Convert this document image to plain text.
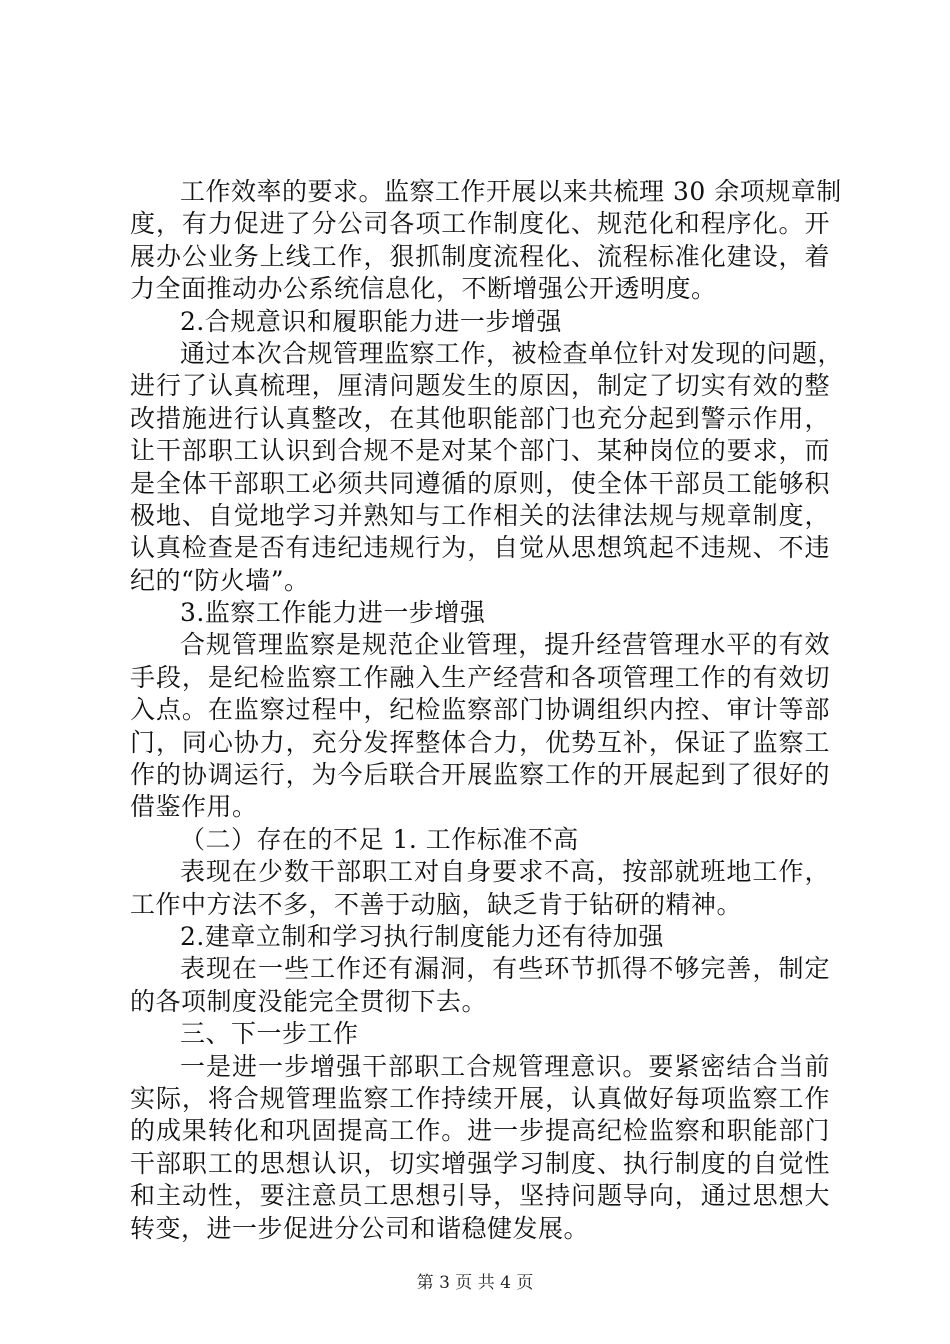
工作效率的要求。监察工作开展以来共梳理 30 余项规章制
度，有力促进了分公司各项工作制度化、规范化和程序化。开
展办公业务上线工作，狠抓制度流程化、流程标准化建设，着
力全面推动办公系统信息化，不断增强公开透明度。
2.合规意识和履职能力进一步增强
通过本次合规管理监察工作，被检查单位针对发现的问题，
进行了认真梳理，厘清问题发生的原因，制定了切实有效的整
改措施进行认真整改，在其他职能部门也充分起到警示作用，
让干部职工认识到合规不是对某个部门、某种岗位的要求，而
是全体干部职工必须共同遵循的原则，使全体干部员工能够积
极地、自觉地学习并熟知与工作相关的法律法规与规章制度，
认真检查是否有违纪违规行为，自觉从思想筑起不违规、不违
纪的“防火墙”。
3.监察工作能力进一步增强
合规管理监察是规范企业管理，提升经营管理水平的有效
手段，是纪检监察工作融入生产经营和各项管理工作的有效切
入点。在监察过程中，纪检监察部门协调组织内控、审计等部
门，同心协力，充分发挥整体合力，优势互补，保证了监察工
作的协调运行，为今后联合开展监察工作的开展起到了很好的
借鉴作用。
（二）存在的不足 1. 工作标准不高
表现在少数干部职工对自身要求不高，按部就班地工作，
工作中方法不多，不善于动脑，缺乏肯于钻研的精神。
2.建章立制和学习执行制度能力还有待加强
表现在一些工作还有漏洞，有些环节抓得不够完善，制定
的各项制度没能完全贯彻下去。
三、下一步工作
一是进一步增强干部职工合规管理意识。要紧密结合当前
实际，将合规管理监察工作持续开展，认真做好每项监察工作
的成果转化和巩固提高工作。进一步提高纪检监察和职能部门
干部职工的思想认识，切实增强学习制度、执行制度的自觉性
和主动性，要注意员工思想引导，坚持问题导向，通过思想大
转变，进一步促进分公司和谐稳健发展。
第 3 页 共 4 页
